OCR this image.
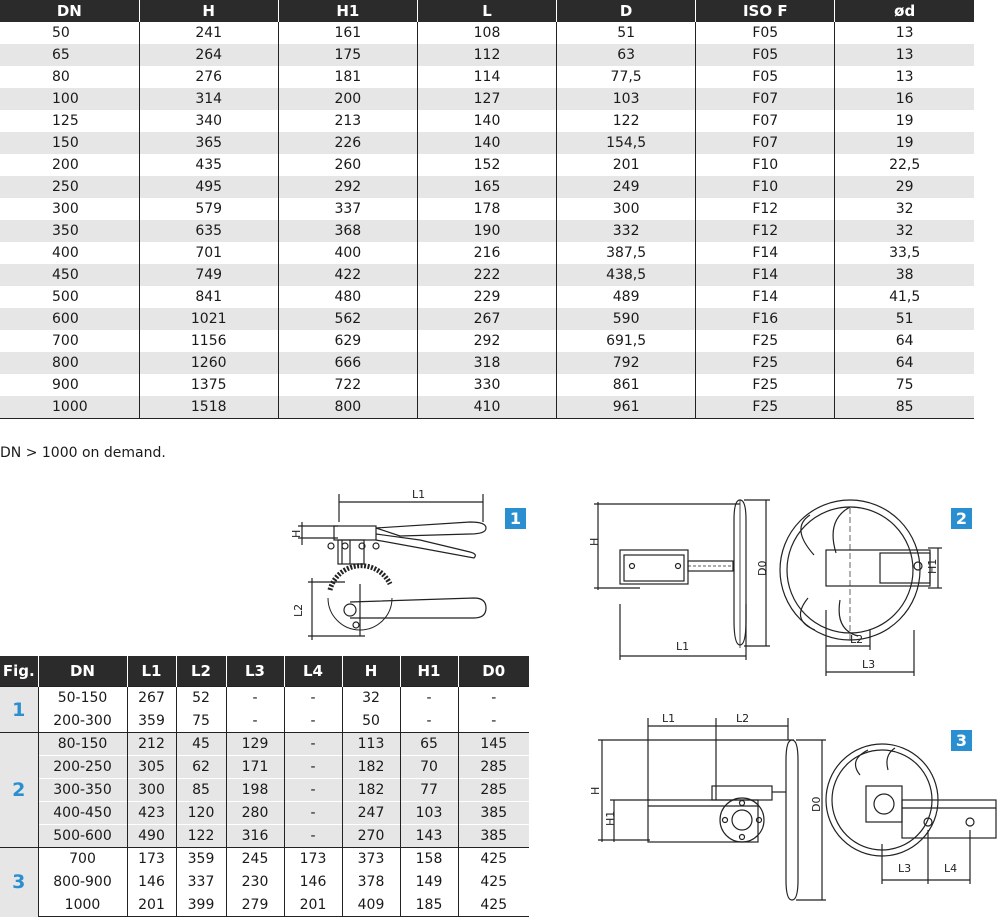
DN	H	H1	L	D	ISO F	ød
50	241	161	108	51	F05	13
65	264	175	112	63	F05	13
80	276	181	114	77,5	F05	13
100	314	200	127	103	F07	16
125	340	213	140	122	F07	19
150	365	226	140	154,5	F07	19
200	435	260	152	201	F10	22,5
250	495	292	165	249	F10	29
300	579	337	178	300	F12	32
350	635	368	190	332	F12	32
400	701	400	216	387,5	F14	33,5
450	749	422	222	438,5	F14	38
500	841	480	229	489	F14	41,5
600	1021	562	267	590	F16	51
700	1156	629	292	691,5	F25	64
800	1260	666	318	792	F25	64
900	1375	722	330	861	F25	75
1000	1518	800	410	961	F25	85
DN > 1000 on demand.
Fig.	DN	L1	L2	L3	L4	H	H1	D0
1	50-150	267	52	-	-	32	-	-
	200-300	359	75	-	-	50	-	-
2	80-150	212	45	129	-	113	65	145
	200-250	305	62	171	-	182	70	285
	300-350	300	85	198	-	182	77	285
	400-450	423	120	280	-	247	103	385
	500-600	490	122	316	-	270	143	385
3	700	173	359	245	173	373	158	425
	800-900	146	337	230	146	378	149	425
	1000	201	399	279	201	409	185	425
1	2
3
L1
H
L2
H
D0
L1
H1
L2
L3
L1	L2
H
H1
D0
L3	L4
